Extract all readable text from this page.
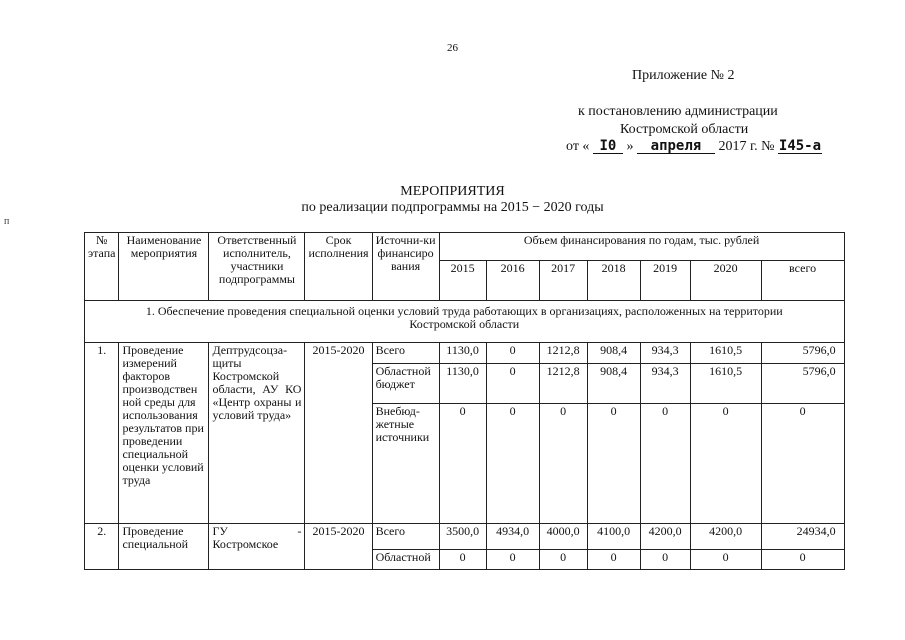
26
Приложение № 2
к постановлению администрации
Костромской области
от « I0 » апреля 2017 г. № I45-а
МЕРОПРИЯТИЯ
по реализации подпрограммы на 2015 − 2020 годы
п
№ этапа	Наименование мероприятия	Ответственный исполнитель, участники подпрограммы	Срок исполнения	Источни-ки финансиро вания	Объем финансирования по годам, тыс. рублей						
					2015	2016	2017	2018	2019	2020	всего
1. Обеспечение проведения специальной оценки условий труда работающих в организациях, расположенных на территории Костромской области											
1.	Проведение измерений факторов производствен ной среды для использования результатов при проведении специальной оценки условий труда	Дептрудсоцза-щиты Костромской области, АУ КО «Центр охраны и условий труда»	2015-2020	Всего	1130,0	0	1212,8	908,4	934,3	1610,5	5796,0
				Областной бюджет	1130,0	0	1212,8	908,4	934,3	1610,5	5796,0
				Внебюд-жетные источники	0	0	0	0	0	0	0
2.	Проведение специальной	ГУ - Костромское	2015-2020	Всего	3500,0	4934,0	4000,0	4100,0	4200,0	4200,0	24934,0
				Областной	0	0	0	0	0	0	0
